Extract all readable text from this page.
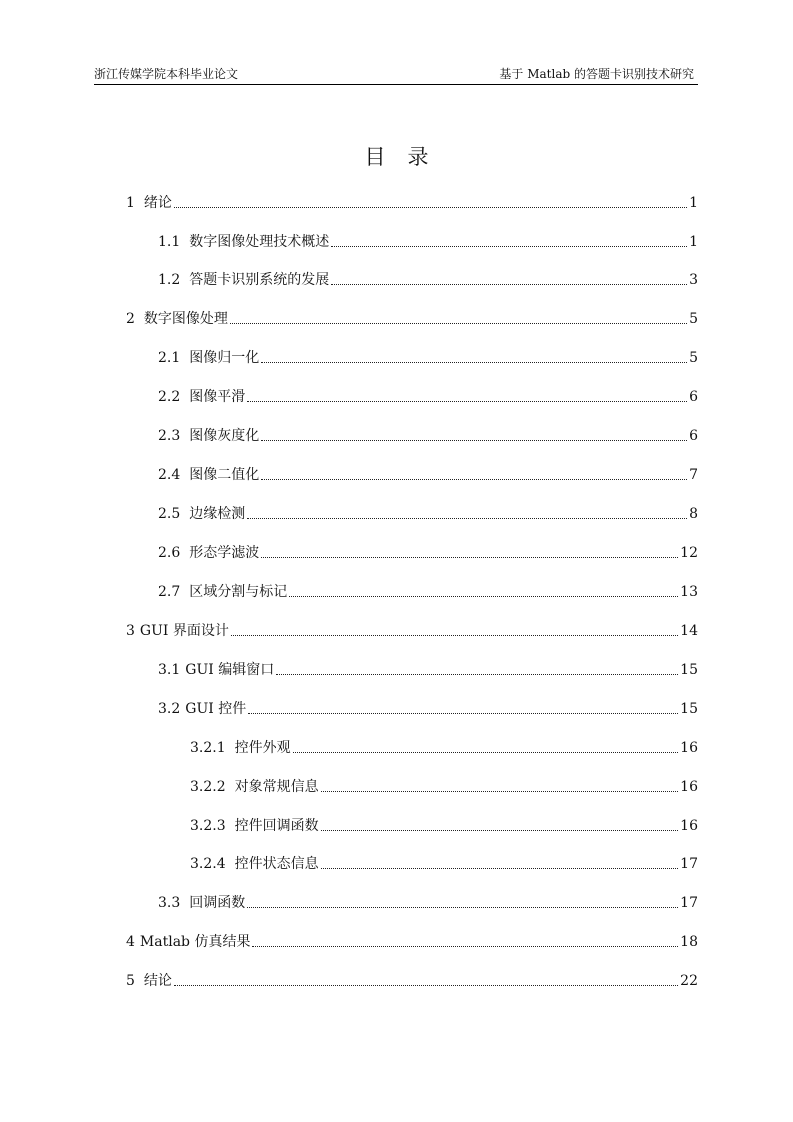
浙江传媒学院本科毕业论文	基于 Matlab 的答题卡识别技术研究
目录
1 绪论	1
1.1 数字图像处理技术概述	1
1.2 答题卡识别系统的发展	3
2 数字图像处理	5
2.1 图像归一化	5
2.2 图像平滑	6
2.3 图像灰度化	6
2.4 图像二值化	7
2.5 边缘检测	8
2.6 形态学滤波	12
2.7 区域分割与标记	13
3 GUI 界面设计	14
3.1 GUI 编辑窗口	15
3.2 GUI 控件	15
3.2.1 控件外观	16
3.2.2 对象常规信息	16
3.2.3 控件回调函数	16
3.2.4 控件状态信息	17
3.3 回调函数	17
4 Matlab 仿真结果	18
5 结论	22
